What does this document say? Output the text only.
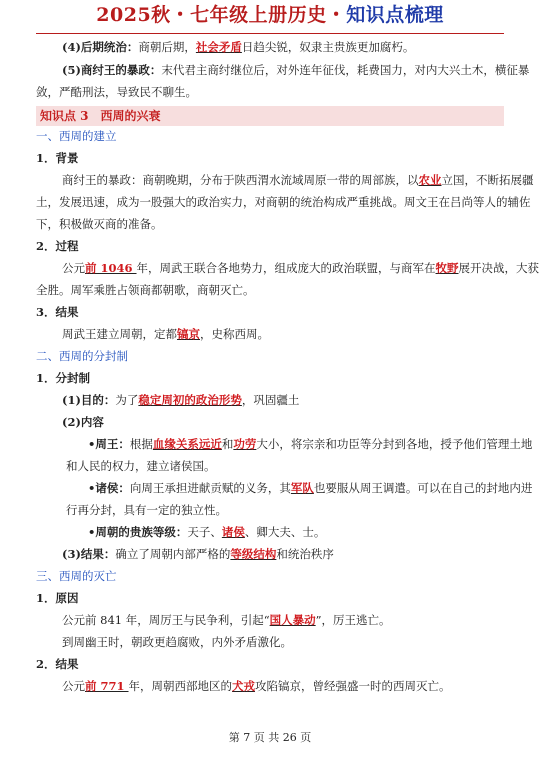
2025秋・七年级上册历史・知识点梳理
(4)后期统治：商朝后期，社会矛盾日趋尖锐，奴隶主贵族更加腐朽。
(5)商纣王的暴政：末代君主商纣继位后，对外连年征伐，耗费国力，对内大兴土木，横征暴
敛，严酷刑法，导致民不聊生。
知识点 3　西周的兴衰
一、西周的建立
1．背景
商纣王的暴政：商朝晚期，分布于陕西渭水流域周原一带的周部族，以农业立国，不断拓展疆
土，发展迅速，成为一股强大的政治实力，对商朝的统治构成严重挑战。周文王在吕尚等人的辅佐
下，积极做灭商的准备。
2．过程
公元前 1046 年，周武王联合各地势力，组成庞大的政治联盟，与商军在牧野展开决战，大获
全胜。周军乘胜占领商都朝歌，商朝灭亡。
3．结果
周武王建立周朝，定都镐京，史称西周。
二、西周的分封制
1．分封制
(1)目的：为了稳定周初的政治形势，巩固疆土
(2)内容
•周王：根据血缘关系远近和功劳大小，将宗亲和功臣等分封到各地，授予他们管理土地
和人民的权力，建立诸侯国。
•诸侯：向周王承担进献贡赋的义务，其军队也要服从周王调遣。可以在自己的封地内进
行再分封，具有一定的独立性。
•周朝的贵族等级：天子、诸侯、卿大夫、士。
(3)结果：确立了周朝内部严格的等级结构和统治秩序
三、西周的灭亡
1．原因
公元前 841 年，周厉王与民争利，引起“国人暴动”，厉王逃亡。
到周幽王时，朝政更趋腐败，内外矛盾激化。
2．结果
公元前 771 年，周朝西部地区的犬戎攻陷镐京，曾经强盛一时的西周灭亡。
第 7 页 共 26 页
